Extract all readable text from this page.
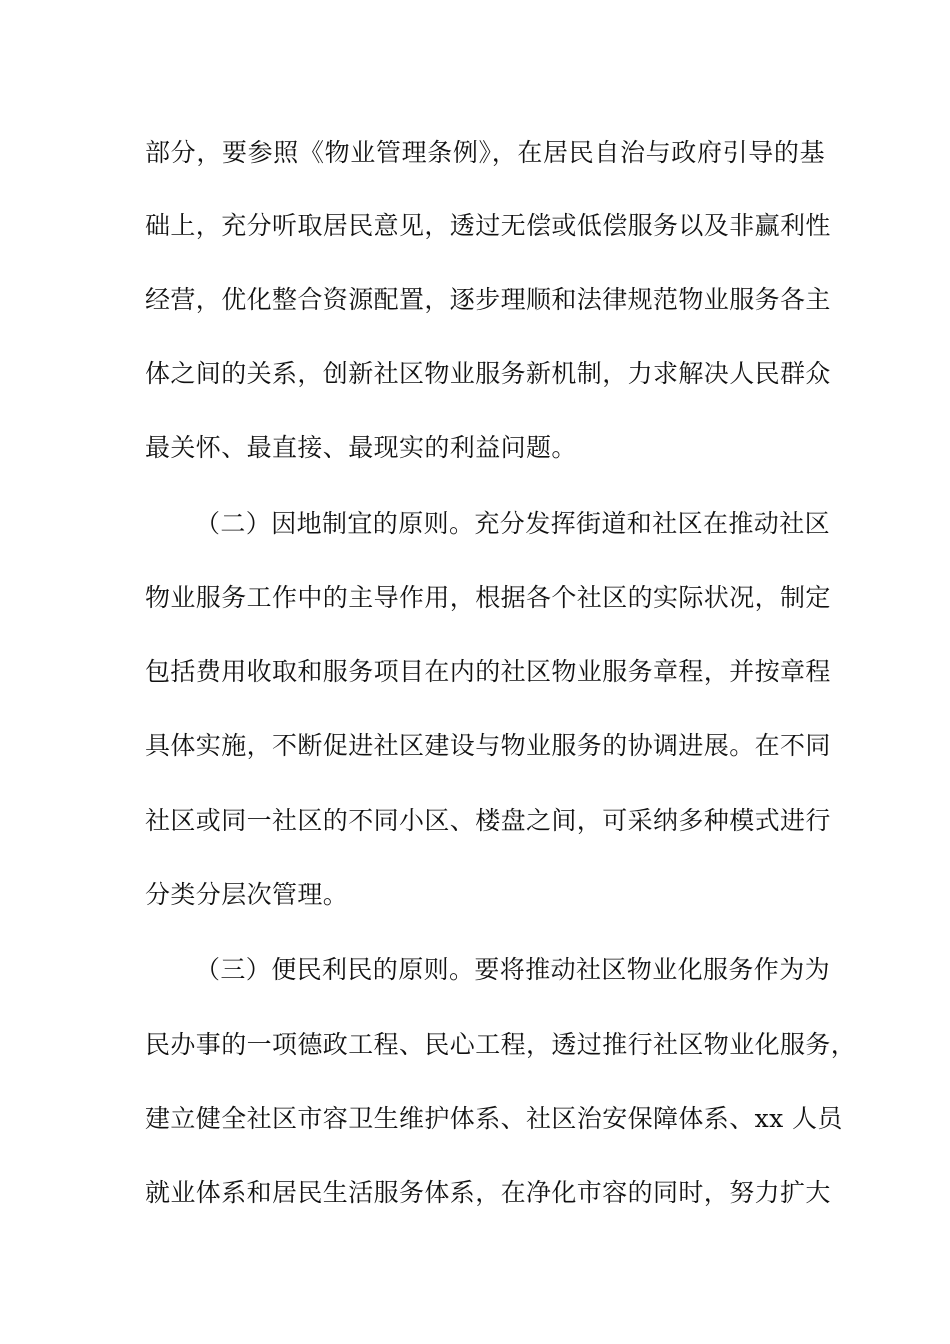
部分，要参照《物业管理条例》，在居民自治与政府引导的基
础上，充分听取居民意见，透过无偿或低偿服务以及非赢利性
经营，优化整合资源配置，逐步理顺和法律规范物业服务各主
体之间的关系，创新社区物业服务新机制，力求解决人民群众
最关怀、最直接、最现实的利益问题。
（二）因地制宜的原则。充分发挥街道和社区在推动社区
物业服务工作中的主导作用，根据各个社区的实际状况，制定
包括费用收取和服务项目在内的社区物业服务章程，并按章程
具体实施，不断促进社区建设与物业服务的协调进展。在不同
社区或同一社区的不同小区、楼盘之间，可采纳多种模式进行
分类分层次管理。
（三）便民利民的原则。要将推动社区物业化服务作为为
民办事的一项德政工程、民心工程，透过推行社区物业化服务，
建立健全社区市容卫生维护体系、社区治安保障体系、xx 人员
就业体系和居民生活服务体系，在净化市容的同时，努力扩大
